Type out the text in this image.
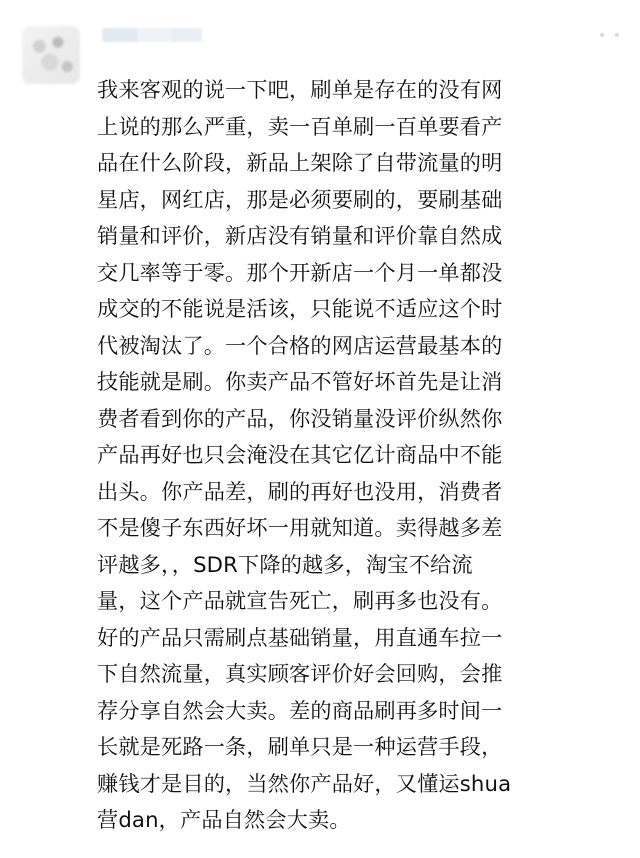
• •
我来客观的说一下吧，刷单是存在的没有网
上说的那么严重，卖一百单刷一百单要看产
品在什么阶段，新品上架除了自带流量的明
星店，网红店，那是必须要刷的，要刷基础
销量和评价，新店没有销量和评价靠自然成
交几率等于零。那个开新店一个月一单都没
成交的不能说是活该，只能说不适应这个时
代被淘汰了。一个合格的网店运营最基本的
技能就是刷。你卖产品不管好坏首先是让消
费者看到你的产品，你没销量没评价纵然你
产品再好也只会淹没在其它亿计商品中不能
出头。你产品差，刷的再好也没用，消费者
不是傻子东西好坏一用就知道。卖得越多差
评越多，，SDR下降的越多，淘宝不给流
量，这个产品就宣告死亡，刷再多也没有。
好的产品只需刷点基础销量，用直通车拉一
下自然流量，真实顾客评价好会回购，会推
荐分享自然会大卖。差的商品刷再多时间一
长就是死路一条，刷单只是一种运营手段，
赚钱才是目的，当然你产品好，又懂运shua
营dan，产品自然会大卖。
